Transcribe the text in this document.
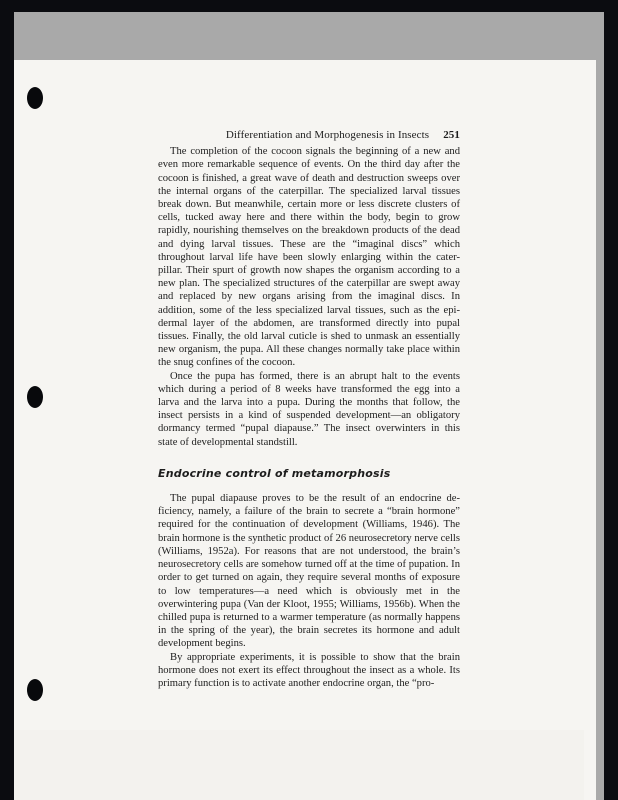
Differentiation and Morphogenesis in Insects 251

The completion of the cocoon signals the beginning of a new and even more remarkable sequence of events. On the third day after the cocoon is finished, a great wave of death and destruction sweeps over the internal organs of the caterpillar. The specialized larval tissues break down. But meanwhile, certain more or less discrete clusters of cells, tucked away here and there within the body, begin to grow rapidly, nourishing themselves on the breakdown products of the dead and dying larval tissues. These are the “imaginal discs” which throughout larval life have been slowly enlarging within the cater-pillar. Their spurt of growth now shapes the organism according to a new plan. The specialized structures of the caterpillar are swept away and replaced by new organs arising from the imaginal discs. In addition, some of the less specialized larval tissues, such as the epi-dermal layer of the abdomen, are transformed directly into pupal tissues. Finally, the old larval cuticle is shed to unmask an essentially new organism, the pupa. All these changes normally take place within the snug confines of the cocoon.

Once the pupa has formed, there is an abrupt halt to the events which during a period of 8 weeks have transformed the egg into a larva and the larva into a pupa. During the months that follow, the insect persists in a kind of suspended development—an obligatory dormancy termed “pupal diapause.” The insect overwinters in this state of developmental standstill.

Endocrine control of metamorphosis

The pupal diapause proves to be the result of an endocrine de-ficiency, namely, a failure of the brain to secrete a “brain hormone” required for the continuation of development (Williams, 1946). The brain hormone is the synthetic product of 26 neurosecretory nerve cells (Williams, 1952a). For reasons that are not understood, the brain’s neurosecretory cells are somehow turned off at the time of pupation. In order to get turned on again, they require several months of exposure to low temperatures—a need which is obviously met in the overwintering pupa (Van der Kloot, 1955; Williams, 1956b). When the chilled pupa is returned to a warmer temperature (as normally happens in the spring of the year), the brain secretes its hormone and adult development begins.

By appropriate experiments, it is possible to show that the brain hormone does not exert its effect throughout the insect as a whole. Its primary function is to activate another endocrine organ, the “pro-
